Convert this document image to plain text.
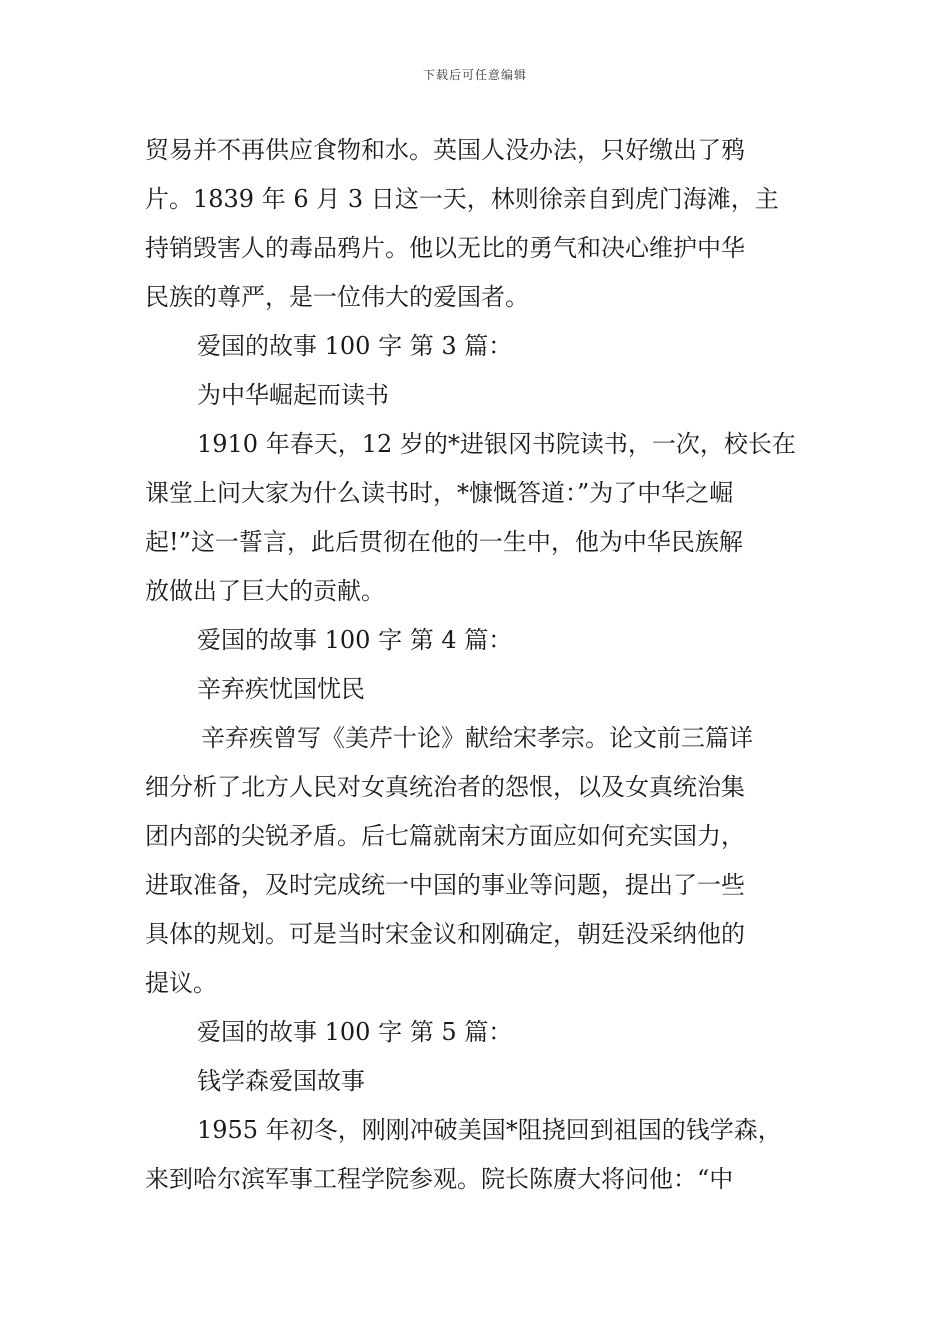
下载后可任意编辑
贸易并不再供应食物和水。英国人没办法，只好缴出了鸦
片。1839 年 6 月 3 日这一天，林则徐亲自到虎门海滩，主
持销毁害人的毒品鸦片。他以无比的勇气和决心维护中华
民族的尊严，是一位伟大的爱国者。
爱国的故事 100 字 第 3 篇：
为中华崛起而读书
1910 年春天，12 岁的*进银冈书院读书，一次，校长在
课堂上问大家为什么读书时，*慷慨答道：”为了中华之崛
起!”这一誓言，此后贯彻在他的一生中，他为中华民族解
放做出了巨大的贡献。
爱国的故事 100 字 第 4 篇：
辛弃疾忧国忧民
辛弃疾曾写《美芹十论》献给宋孝宗。论文前三篇详
细分析了北方人民对女真统治者的怨恨，以及女真统治集
团内部的尖锐矛盾。后七篇就南宋方面应如何充实国力，
进取准备，及时完成统一中国的事业等问题，提出了一些
具体的规划。可是当时宋金议和刚确定，朝廷没采纳他的
提议。
爱国的故事 100 字 第 5 篇：
钱学森爱国故事
1955 年初冬，刚刚冲破美国*阻挠回到祖国的钱学森，
来到哈尔滨军事工程学院参观。院长陈赓大将问他：“中
